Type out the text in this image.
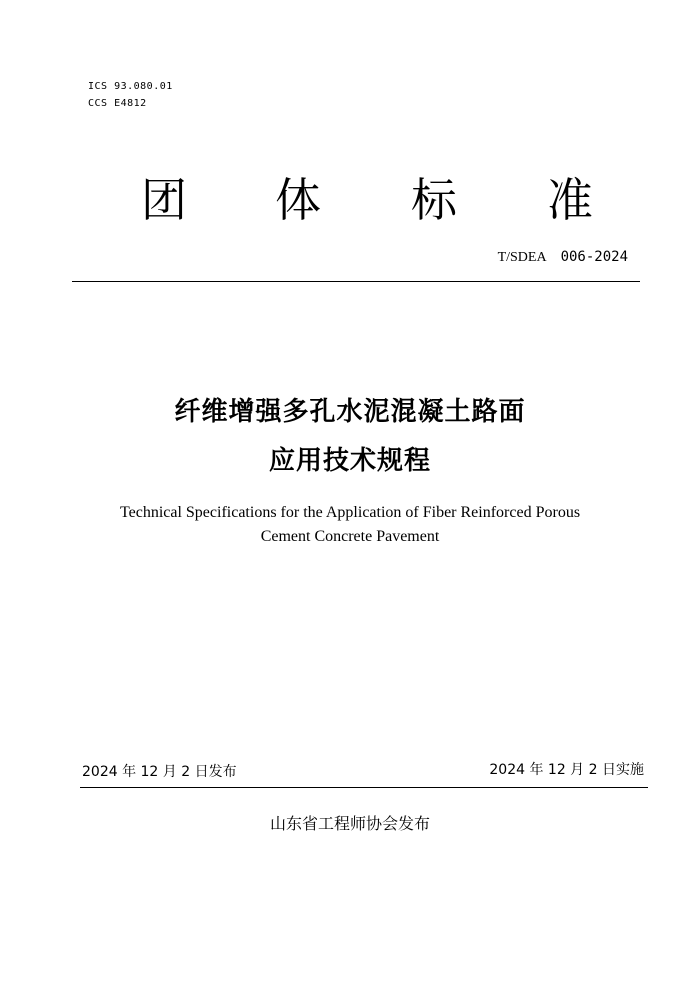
ICS 93.080.01
CCS E4812
团 体 标 准
T/SDEA 006-2024
纤维增强多孔水泥混凝土路面
应用技术规程
Technical Specifications for the Application of Fiber Reinforced Porous
Cement Concrete Pavement
2024 年 12 月 2 日发布	2024 年 12 月 2 日实施
山东省工程师协会发布
